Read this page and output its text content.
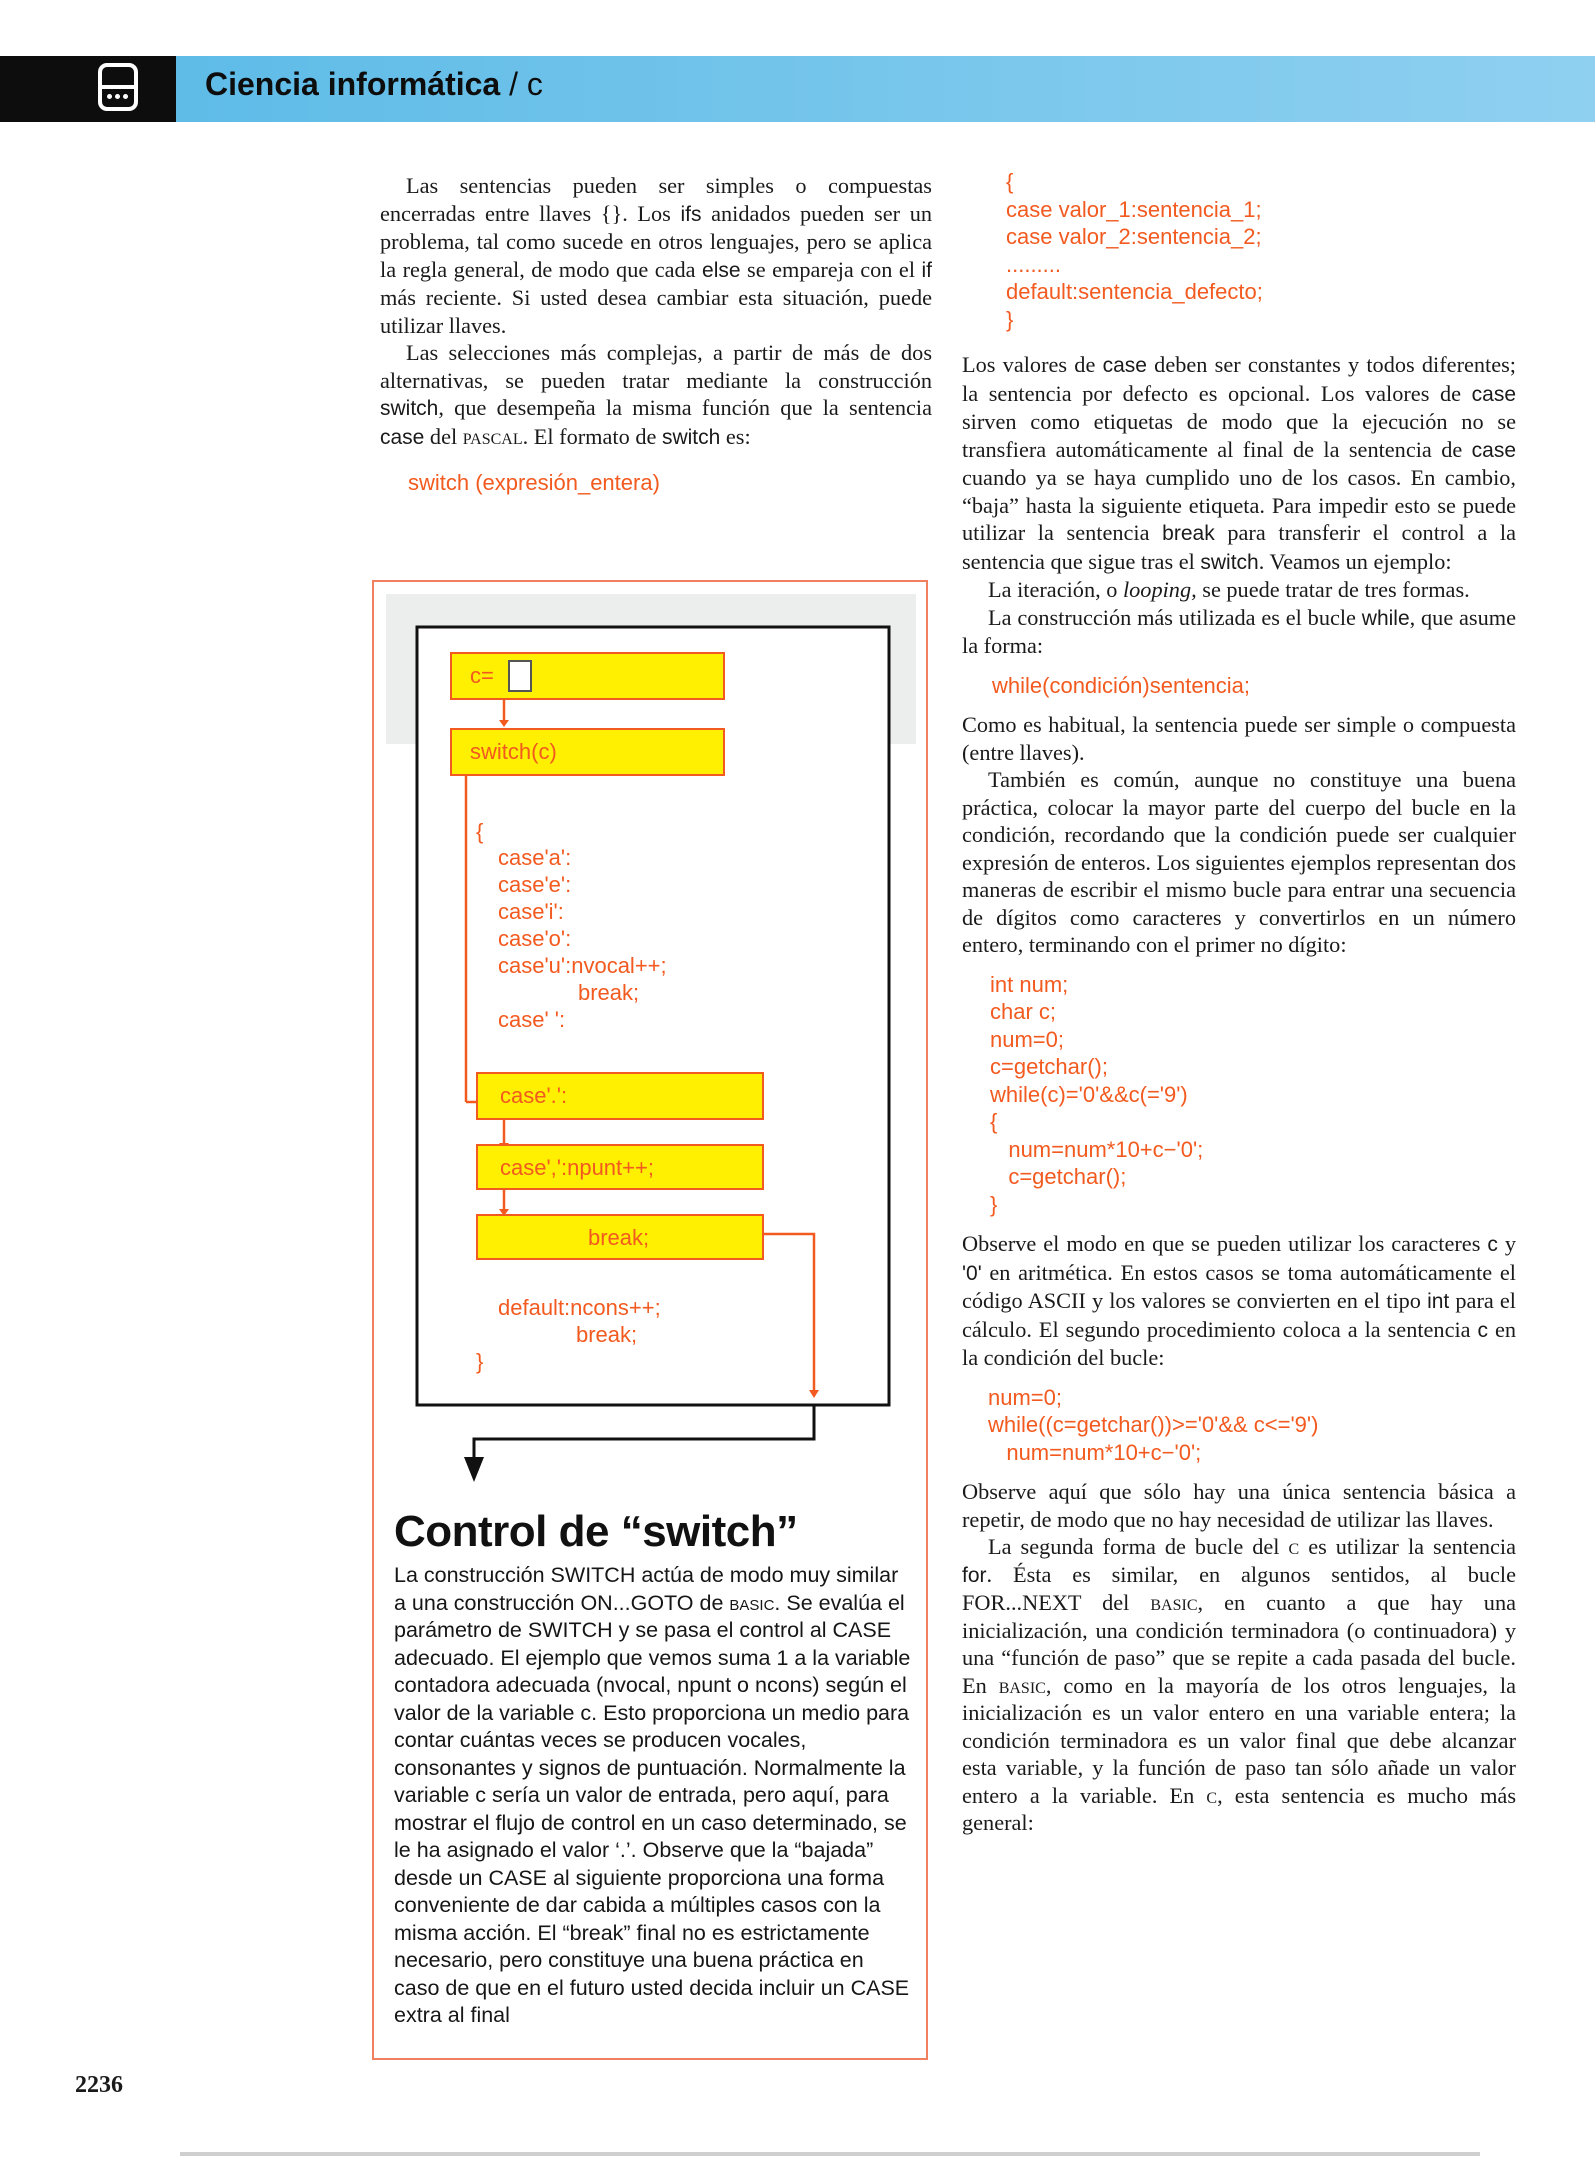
Ciencia informática / c

Las sentencias pueden ser simples o compuestas encerradas entre llaves {}. Los ifs anidados pueden ser un problema, tal como sucede en otros lenguajes, pero se aplica la regla general, de modo que cada else se empareja con el if más reciente. Si usted desea cambiar esta situación, puede utilizar llaves.

Las selecciones más complejas, a partir de más de dos alternativas, se pueden tratar mediante la construcción switch, que desempeña la misma función que la sentencia case del pascal. El formato de switch es:

switch (expresión_entera)
c=
switch(c)
{
case'a':
case'e':
case'i':
case'o':
case'u':nvocal++;
break;
case' ':
case'.':
case',':npunt++;
break;
default:ncons++;
break;
}
Control de “switch”
La construcción SWITCH actúa de modo muy similar a una construcción ON...GOTO de basic. Se evalúa el parámetro de SWITCH y se pasa el control al CASE adecuado. El ejemplo que vemos suma 1 a la variable contadora adecuada (nvocal, npunt o ncons) según el valor de la variable c. Esto proporciona un medio para contar cuántas veces se producen vocales, consonantes y signos de puntuación. Normalmente la variable c sería un valor de entrada, pero aquí, para mostrar el flujo de control en un caso determinado, se le ha asignado el valor ‘.’. Observe que la “bajada” desde un CASE al siguiente proporciona una forma conveniente de dar cabida a múltiples casos con la misma acción. El “break” final no es estrictamente necesario, pero constituye una buena práctica en caso de que en el futuro usted decida incluir un CASE extra al final
{
case valor_1:sentencia_1;
case valor_2:sentencia_2;
.........
default:sentencia_defecto;
}

Los valores de case deben ser constantes y todos diferentes; la sentencia por defecto es opcional. Los valores de case sirven como etiquetas de modo que la ejecución no se transfiera automáticamente al final de la sentencia de case cuando ya se haya cumplido uno de los casos. En cambio, “baja” hasta la siguiente etiqueta. Para impedir esto se puede utilizar la sentencia break para transferir el control a la sentencia que sigue tras el switch. Veamos un ejemplo:

La iteración, o looping, se puede tratar de tres formas.

La construcción más utilizada es el bucle while, que asume la forma:

while(condición)sentencia;

Como es habitual, la sentencia puede ser simple o compuesta (entre llaves).

También es común, aunque no constituye una buena práctica, colocar la mayor parte del cuerpo del bucle en la condición, recordando que la condición puede ser cualquier expresión de enteros. Los siguientes ejemplos representan dos maneras de escribir el mismo bucle para entrar una secuencia de dígitos como caracteres y convertirlos en un número entero, terminando con el primer no dígito:

int num;
char c;
num=0;
c=getchar();
while(c)='0'&&c(='9')
{
num=num*10+c−'0';
c=getchar();
}

Observe el modo en que se pueden utilizar los caracteres c y '0' en aritmética. En estos casos se toma automáticamente el código ASCII y los valores se convierten en el tipo int para el cálculo. El segundo procedimiento coloca a la sentencia c en la condición del bucle:

num=0;
while((c=getchar())>='0'&& c<='9')
num=num*10+c−'0';

Observe aquí que sólo hay una única sentencia básica a repetir, de modo que no hay necesidad de utilizar las llaves.

La segunda forma de bucle del c es utilizar la sentencia for. Ésta es similar, en algunos sentidos, al bucle FOR...NEXT del basic, en cuanto a que hay una inicialización, una condición terminadora (o continuadora) y una “función de paso” que se repite a cada pasada del bucle. En basic, como en la mayoría de los otros lenguajes, la inicialización es un valor entero en una variable entera; la condición terminadora es un valor final que debe alcanzar esta variable, y la función de paso tan sólo añade un valor entero a la variable. En c, esta sentencia es mucho más general:

2236
